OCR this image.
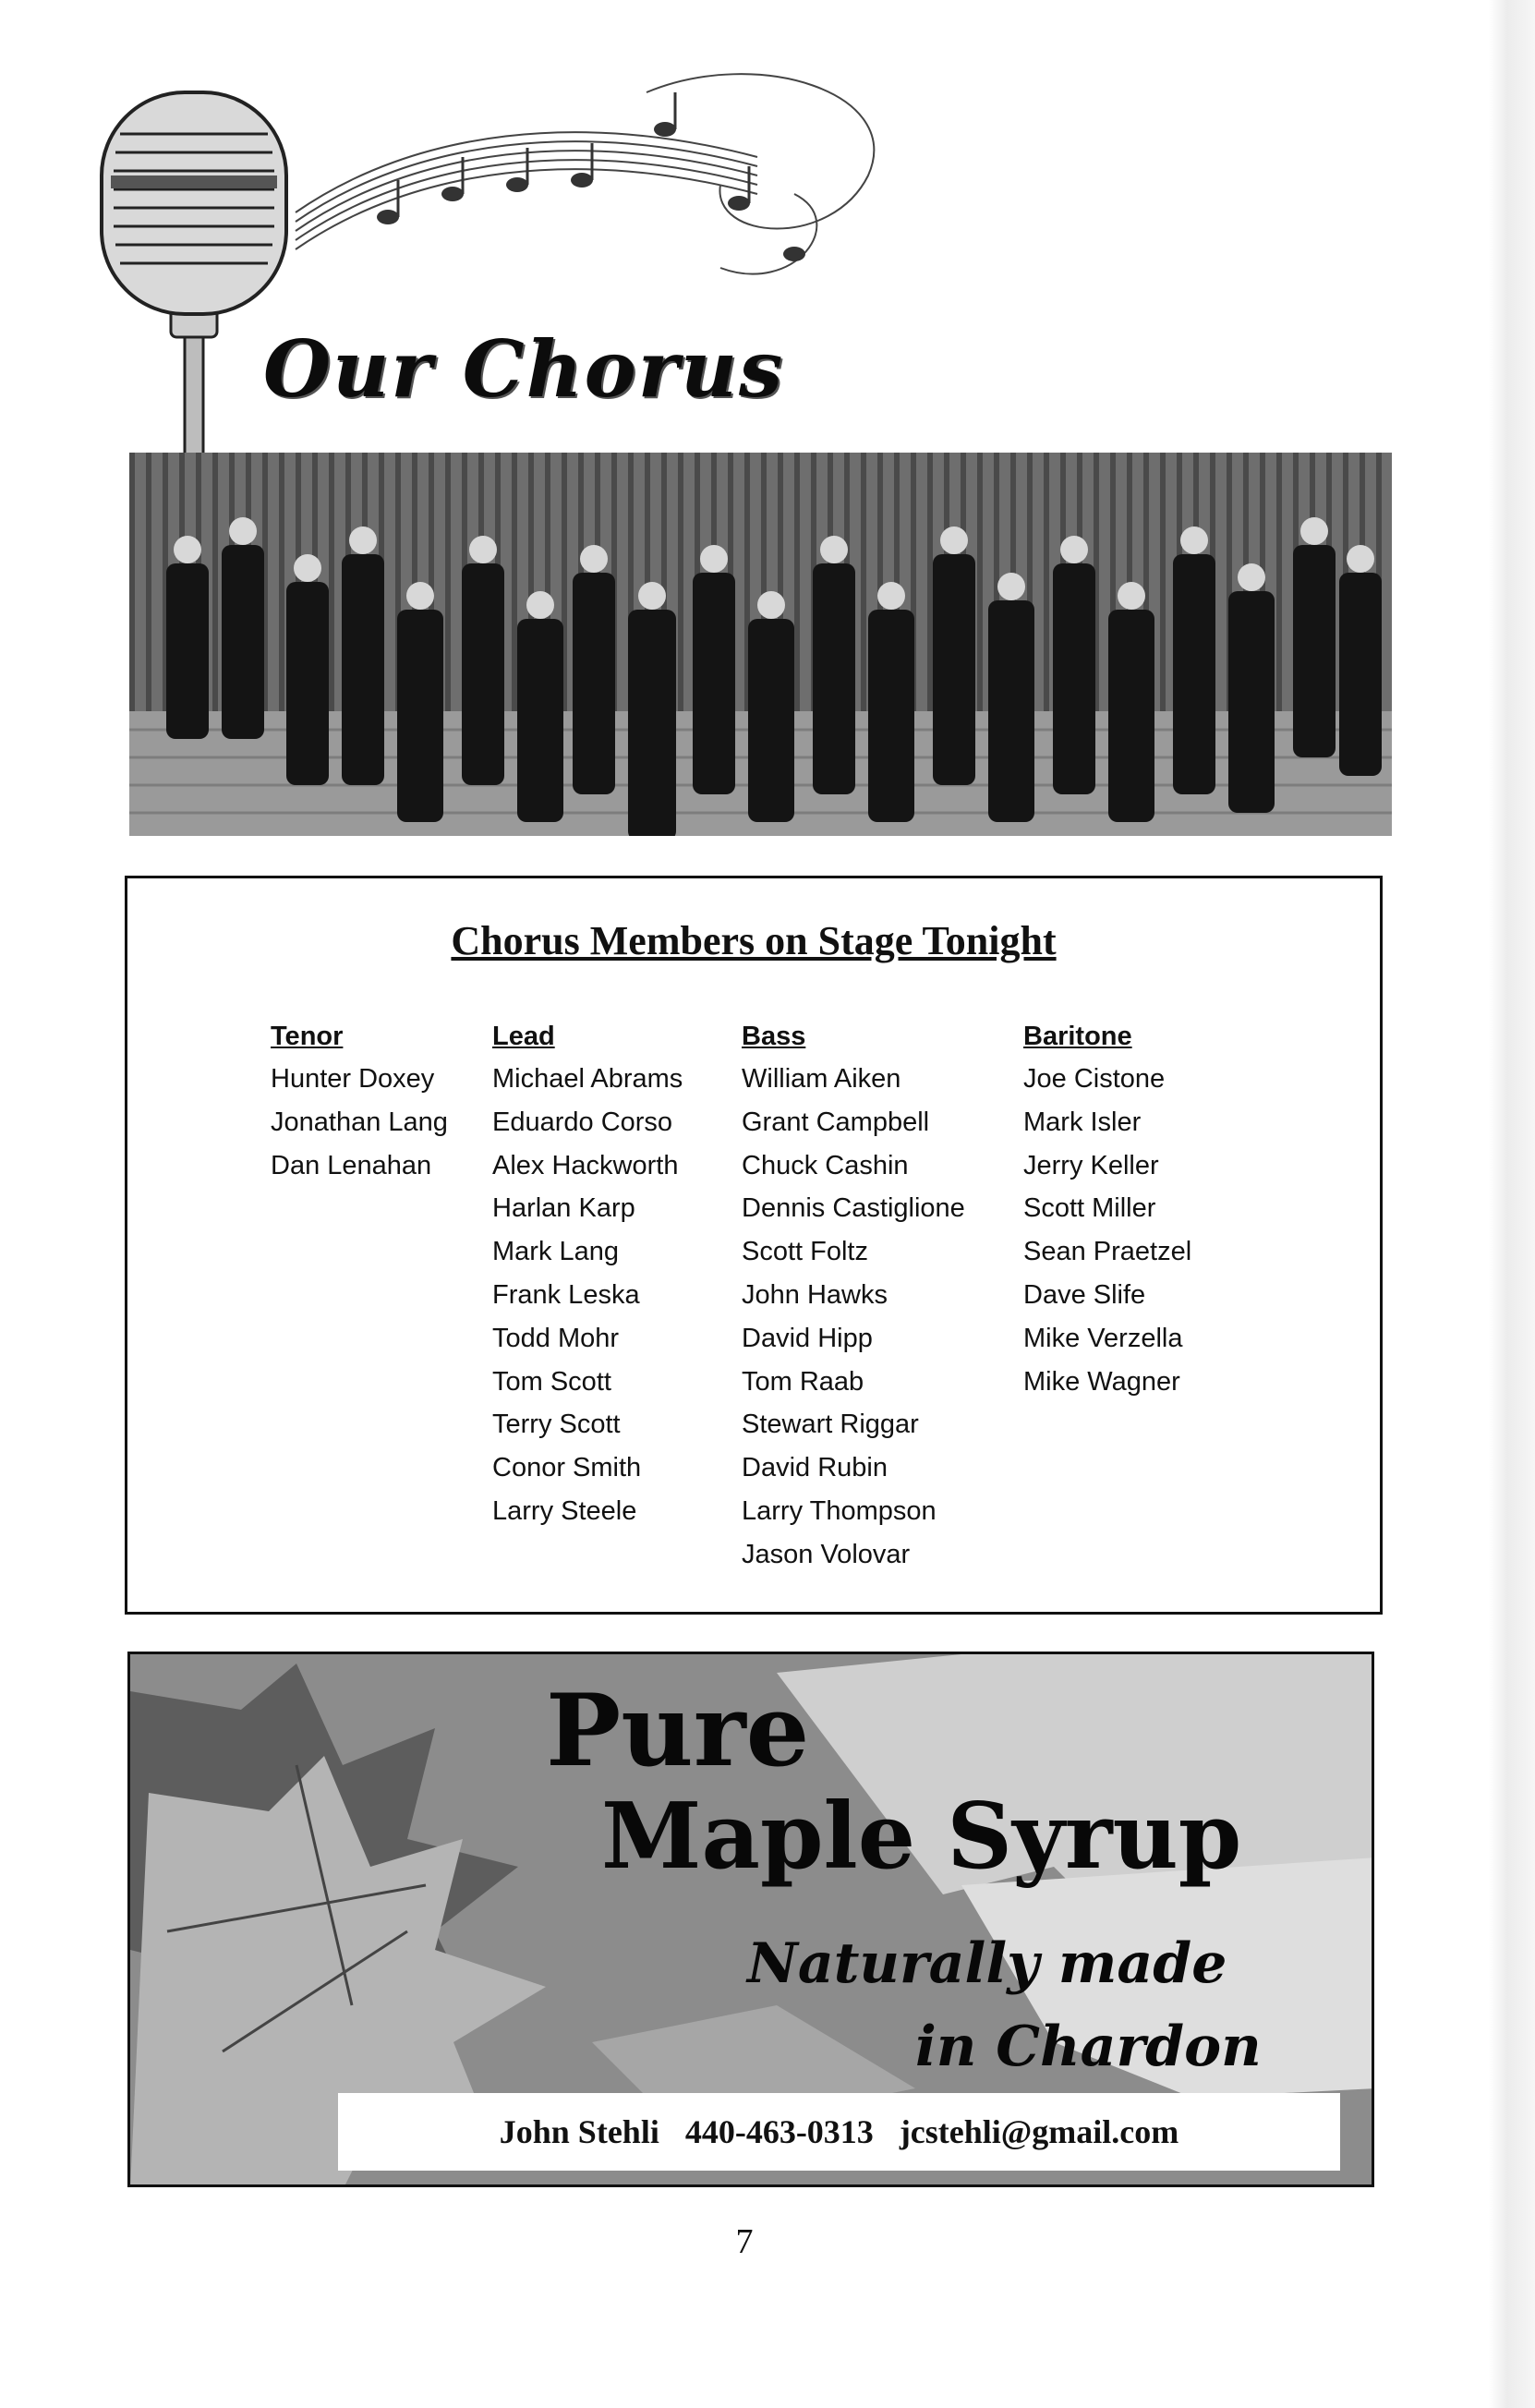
Our Chorus
Chorus Members on Stage Tonight
Tenor
Hunter Doxey
Jonathan Lang
Dan Lenahan
Lead
Michael Abrams
Eduardo Corso
Alex Hackworth
Harlan Karp
Mark Lang
Frank Leska
Todd Mohr
Tom Scott
Terry Scott
Conor Smith
Larry Steele
Bass
William Aiken
Grant Campbell
Chuck Cashin
Dennis Castiglione
Scott Foltz
John Hawks
David Hipp
Tom Raab
Stewart Riggar
David Rubin
Larry Thompson
Jason Volovar
Baritone
Joe Cistone
Mark Isler
Jerry Keller
Scott Miller
Sean Praetzel
Dave Slife
Mike Verzella
Mike Wagner
Pure
Maple Syrup
Naturally made
in Chardon
John Stehli 440-463-0313 jcstehli@gmail.com
7
